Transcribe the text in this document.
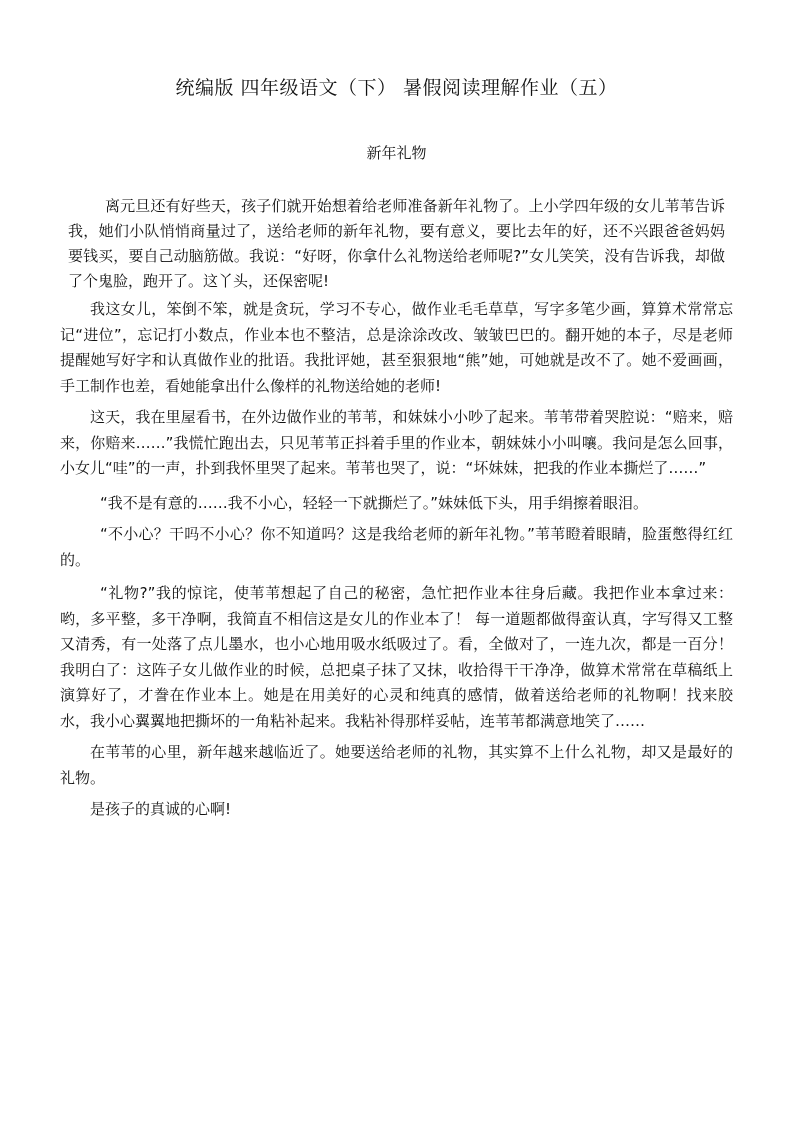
统编版 四年级语文（下） 暑假阅读理解作业（五）
新年礼物

离元旦还有好些天，孩子们就开始想着给老师准备新年礼物了。上小学四年级的女儿苇苇告诉我，她们小队悄悄商量过了，送给老师的新年礼物，要有意义，要比去年的好，还不兴跟爸爸妈妈要钱买，要自己动脑筋做。我说：“好呀，你拿什么礼物送给老师呢?”女儿笑笑，没有告诉我，却做了个鬼脸，跑开了。这丫头，还保密呢!

我这女儿，笨倒不笨，就是贪玩，学习不专心，做作业毛毛草草，写字多笔少画，算算术常常忘记“进位”，忘记打小数点，作业本也不整洁，总是涂涂改改、皱皱巴巴的。翻开她的本子，尽是老师提醒她写好字和认真做作业的批语。我批评她，甚至狠狠地“熊”她，可她就是改不了。她不爱画画，手工制作也差，看她能拿出什么像样的礼物送给她的老师!

这天，我在里屋看书，在外边做作业的苇苇，和妹妹小小吵了起来。苇苇带着哭腔说：“赔来，赔来，你赔来……”我慌忙跑出去，只见苇苇正抖着手里的作业本，朝妹妹小小叫嚷。我问是怎么回事，小女儿“哇”的一声，扑到我怀里哭了起来。苇苇也哭了，说：“坏妹妹，把我的作业本撕烂了……”

“我不是有意的……我不小心，轻轻一下就撕烂了。”妹妹低下头，用手绢擦着眼泪。

“不小心？干吗不小心？你不知道吗？这是我给老师的新年礼物。”苇苇瞪着眼睛，脸蛋憋得红红的。

“礼物?”我的惊诧，使苇苇想起了自己的秘密，急忙把作业本往身后藏。我把作业本拿过来：哟，多平整，多干净啊，我简直不相信这是女儿的作业本了！ 每一道题都做得蛮认真，字写得又工整又清秀，有一处落了点儿墨水，也小心地用吸水纸吸过了。看，全做对了，一连九次，都是一百分！ 我明白了：这阵子女儿做作业的时候，总把桌子抹了又抹，收拾得干干净净，做算术常常在草稿纸上演算好了，才誊在作业本上。她是在用美好的心灵和纯真的感情，做着送给老师的礼物啊！找来胶水，我小心翼翼地把撕坏的一角粘补起来。我粘补得那样妥帖，连苇苇都满意地笑了……

在苇苇的心里，新年越来越临近了。她要送给老师的礼物，其实算不上什么礼物，却又是最好的礼物。

是孩子的真诚的心啊!
